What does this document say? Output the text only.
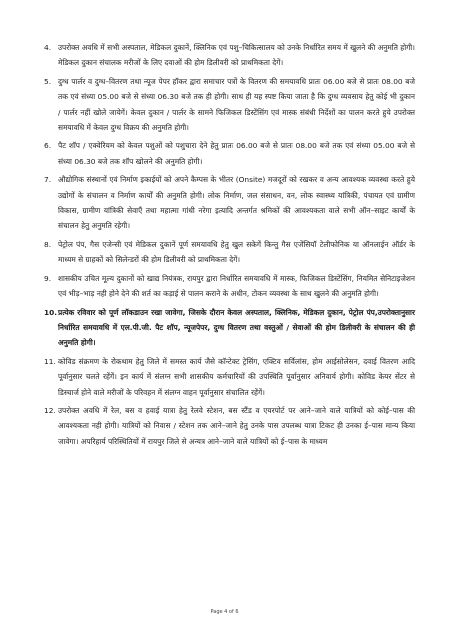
4. उपरोक्त अवधि में सभी अस्पताल, मेडिकल दुकानें, क्लिनिक एवं पशु–चिकित्सालय को उनके निर्धारित समय में खुलने की अनुमति होगी। मेडिकल दुकान संचालक मरीजों के लिए दवाओं की होम डिलीवरी को प्राथमिकता देगें।
5. दुग्ध पार्लर व दुग्ध–वितरण तथा न्यूज पेपर हॉकर द्वारा समाचार पत्रों के वितरण की समयावधि प्रातः 06.00 बजे से प्रातः 08.00 बजे तक एवं संध्या 05.00 बजे से संध्या 06.30 बजे तक ही होगी। साथ ही यह स्पष्ट किया जाता है कि दुग्ध व्यवसाय हेतु कोई भी दुकान / पार्लर नहीं खोले जायेगें। केवल दुकान / पार्लर के सामने फिजिकल डिस्टेंसिंग एवं मास्क संबंधी निर्देशों का पालन करते हुये उपरोक्त समयावधि में केवल दुग्ध विक्रय की अनुमति होगी।
6. पैट शॉप / एक्वेरियम को केवल पशुओं को पशुचारा देने हेतु प्रातः 06.00 बजे से प्रातः 08.00 बजे तक एवं संध्या 05.00 बजे से संध्या 06.30 बजे तक शॉप खोलने की अनुमति होगी।
7. औद्योगिक संस्थानों एवं निर्माण इकाईयों को अपने कैम्पस के भीतर (Onsite) मजदूरों को रखकर व अन्य आवश्यक व्यवस्था करते हुये उद्योगों के संचालन व निर्माण कार्यों की अनुमति होगी। लोक निर्माण, जल संसाधन, वन, लोक स्वास्थ्य यांत्रिकी, पंचायत एवं ग्रामीण विकास, ग्रामीण यांत्रिकी सेवाएँ तथा महात्मा गांधी नरेगा इत्यादि अन्तर्गत श्रमिकों की आवश्यकता वाले सभी ऑन–साइट कार्यों के संचालन हेतु अनुमति रहेगी।
8. पेट्रोल पंप, गैस एजेन्सी एवं मेडिकल दुकानें पूर्ण समयावधि हेतु खुल सकेगें किन्तु गैस एजेंसियॉ टेलीफोनिक या ऑनलाईन ऑर्डर के माध्यम से ग्राहकों को सिलेन्डरों की होम डिलीवरी को प्राथमिकता देगें।
9. शासकीय उचित मूल्य दुकानों को खाद्य नियंत्रक, रायपुर द्वारा निर्धारित समयावधि में मास्क, फिजिकल डिस्टेंसिंग, नियमित सेनिटाइजेशन एवं भीड़–भाड़ नही होने देने की शर्त का कड़ाई से पालन कराने के अधीन, टोकन व्यवस्था के साथ खुलने की अनुमति होगी।
10. प्रत्येक रविवार को पूर्ण लॉकडाउन रखा जावेगा, जिसके दौरान केवल अस्पताल, क्लिनिक, मेडिकल दुकान, पेट्रोल पंप,उपरोक्तानुसार निर्धारित समयावधि में एल.पी.जी. पैट शॉप, न्यूजपेपर, दुग्ध वितरण तथा वस्तुओं / सेवाओं की होम डिलीवरी के संचालन की ही अनुमति होगी।
11. कोविड संक्रमण के रोकथाम हेतु जिले में समस्त कार्य जैसे कॉन्टेक्ट ट्रेसिंग, एक्टिव सर्विलांस, होम आईसोलेसन, दवाई वितरण आदि पूर्वानुसार चलते रहेंगें। इन कार्य में संलग्न सभी शासकीय कर्मचारियों की उपस्थिति पूर्वानुसार अनिवार्य होगी। कोविड केयर सेंटर से डिस्चार्ज होने वाले मरीजों के परिवहन में संलग्न वाहन पूर्वानुसार संचालित रहेंगें।
12. उपरोक्त अवधि में रेल, बस व हवाई यात्रा हेतु रेलवे स्टेशन, बस स्टैंड व एयरपोर्ट पर आने–जाने वाले यात्रियों को कोई–पास की आवश्यकता नही होगी। यात्रियों को निवास / स्टेशन तक आने–जाने हेतु उनके पास उपलब्ध यात्रा टिकट ही उनका ई–पास मान्य किया जावेगा। अपरिहार्य परिस्थितियों में रायपुर जिले से अन्यत्र आने–जाने वाले यात्रियों को ई–पास के माध्यम
Page 4 of 6
